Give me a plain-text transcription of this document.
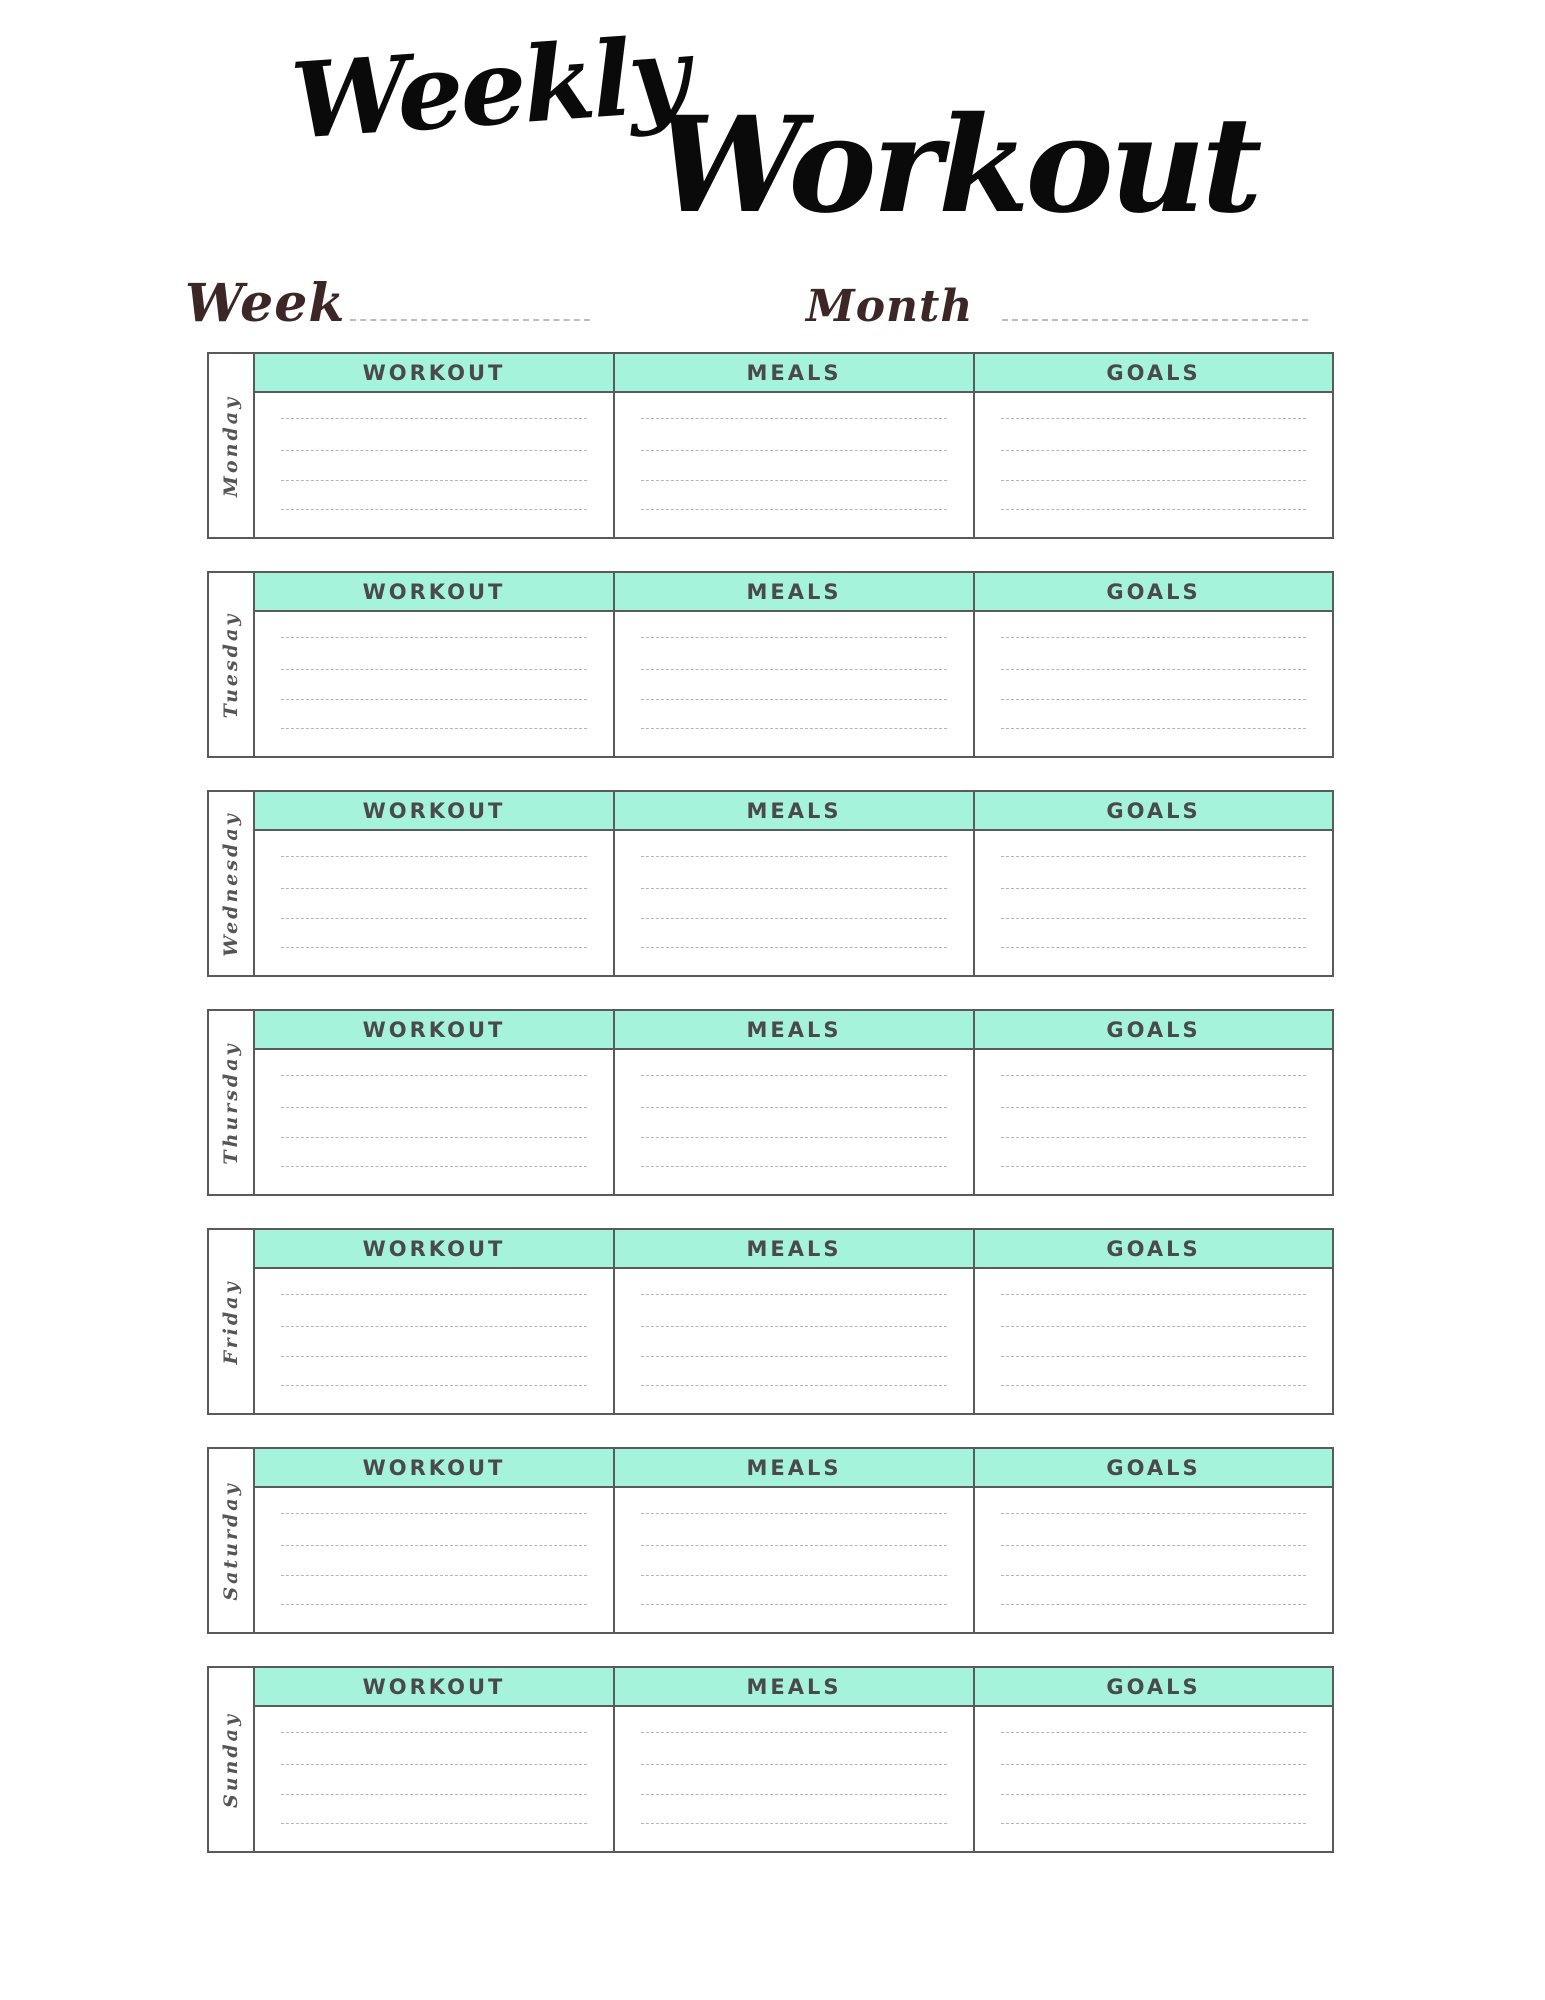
Weekly
Workout
Week	Month
Monday
WORKOUT	MEALS	GOALS
Tuesday
WORKOUT	MEALS	GOALS
Wednesday
WORKOUT	MEALS	GOALS
Thursday
WORKOUT	MEALS	GOALS
Friday
WORKOUT	MEALS	GOALS
Saturday
WORKOUT	MEALS	GOALS
Sunday
WORKOUT	MEALS	GOALS
